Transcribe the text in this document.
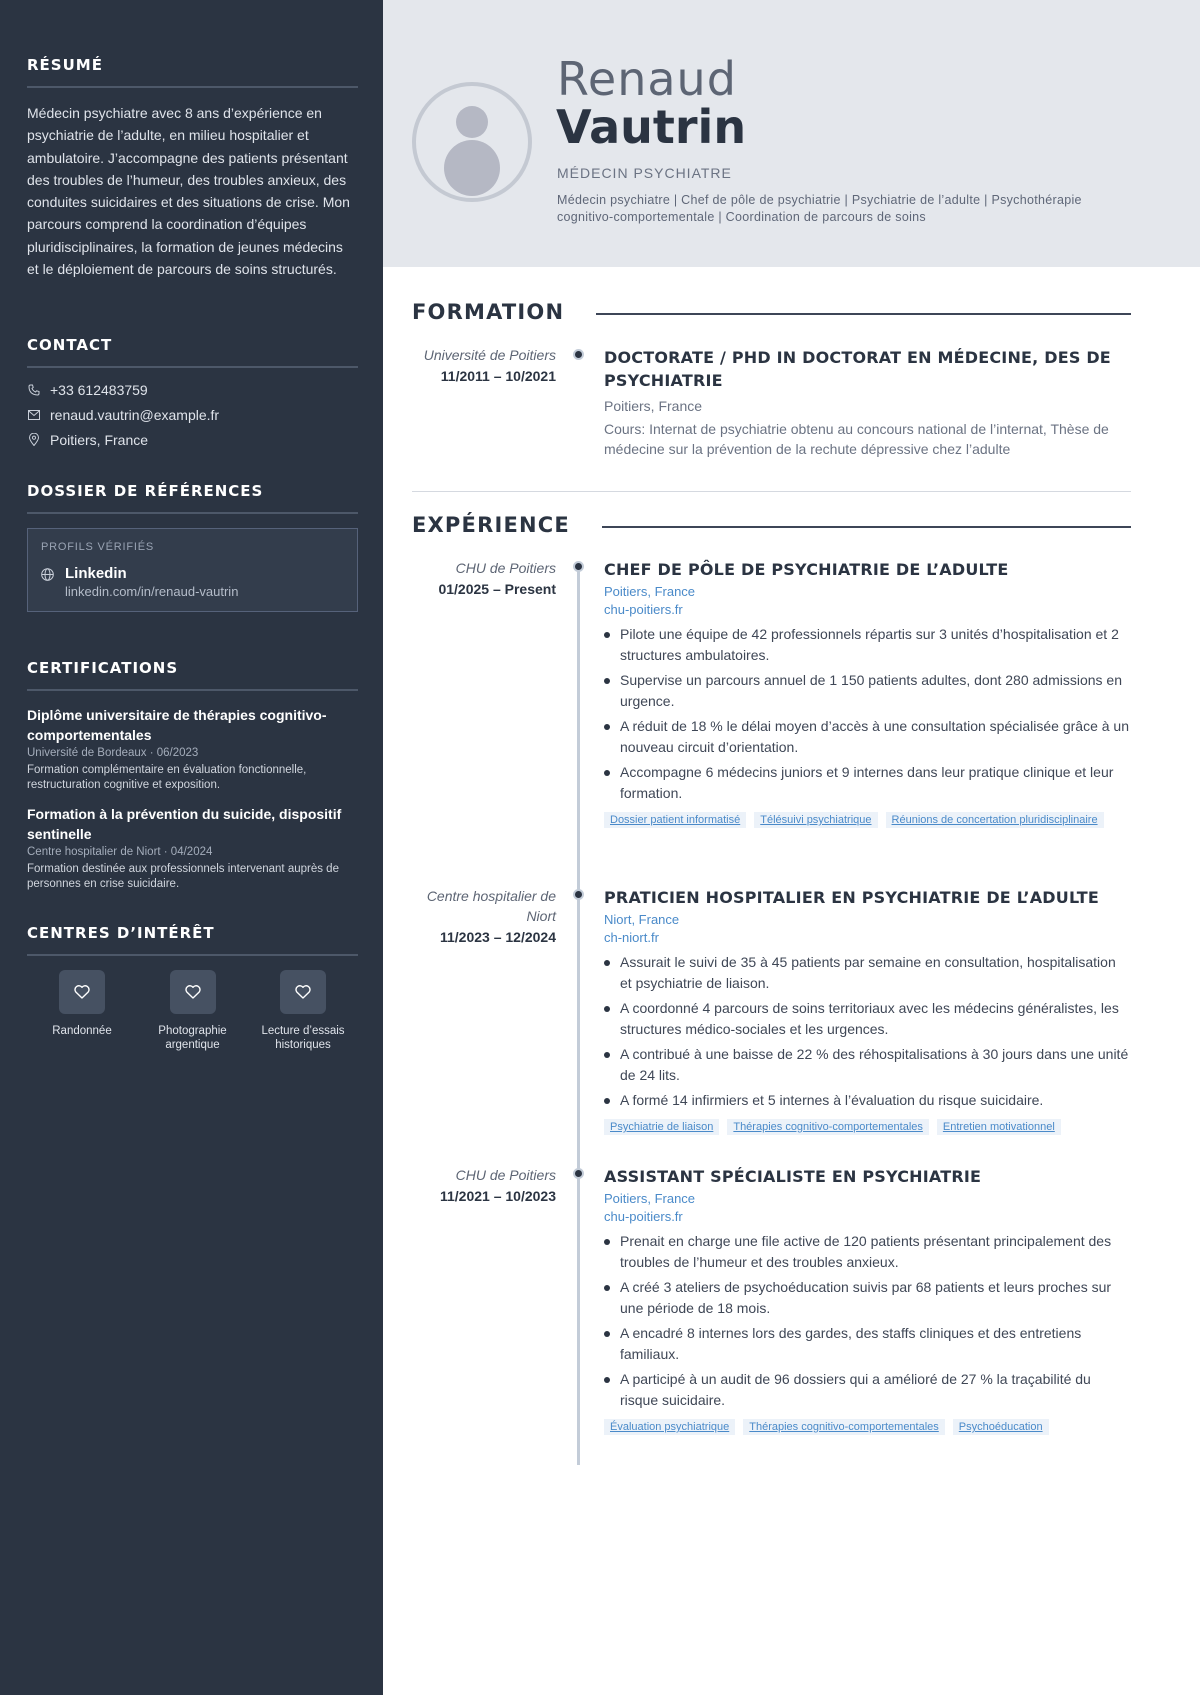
RÉSUMÉ

Médecin psychiatre avec 8 ans d’expérience en psychiatrie de l’adulte, en milieu hospitalier et ambulatoire. J’accompagne des patients présentant des troubles de l’humeur, des troubles anxieux, des conduites suicidaires et des situations de crise. Mon parcours comprend la coordination d’équipes pluridisciplinaires, la formation de jeunes médecins et le déploiement de parcours de soins structurés.

CONTACT
+33 612483759
renaud.vautrin@example.fr
Poitiers, France
DOSSIER DE RÉFÉRENCES
PROFILS VÉRIFIÉS
Linkedin
linkedin.com/in/renaud-vautrin
CERTIFICATIONS
Diplôme universitaire de thérapies cognitivo-comportementales
Université de Bordeaux · 06/2023
Formation complémentaire en évaluation fonctionnelle, restructuration cognitive et exposition.
Formation à la prévention du suicide, dispositif sentinelle
Centre hospitalier de Niort · 04/2024
Formation destinée aux professionnels intervenant auprès de personnes en crise suicidaire.
CENTRES D’INTÉRÊT
Randonnée	Photographie argentique
Lecture d’essais historiques
Renaud
Vautrin
MÉDECIN PSYCHIATRE
Médecin psychiatre | Chef de pôle de psychiatrie | Psychiatrie de l’adulte | Psychothérapie cognitivo-comportementale | Coordination de parcours de soins
FORMATION
Université de Poitiers
11/2011 – 10/2021
DOCTORATE / PHD IN DOCTORAT EN MÉDECINE, DES DE PSYCHIATRIE
Poitiers, France
Cours: Internat de psychiatrie obtenu au concours national de l’internat, Thèse de médecine sur la prévention de la rechute dépressive chez l’adulte
EXPÉRIENCE
CHU de Poitiers
01/2025 – Present
CHEF DE PÔLE DE PSYCHIATRIE DE L’ADULTE
Poitiers, France
chu-poitiers.fr
Pilote une équipe de 42 professionnels répartis sur 3 unités d’hospitalisation et 2 structures ambulatoires.
Supervise un parcours annuel de 1 150 patients adultes, dont 280 admissions en urgence.
A réduit de 18 % le délai moyen d’accès à une consultation spécialisée grâce à un nouveau circuit d’orientation.
Accompagne 6 médecins juniors et 9 internes dans leur pratique clinique et leur formation.
Dossier patient informatisé	Télésuivi psychiatrique	Réunions de concertation pluridisciplinaire
Centre hospitalier de Niort
11/2023 – 12/2024
PRATICIEN HOSPITALIER EN PSYCHIATRIE DE L’ADULTE
Niort, France
ch-niort.fr
Assurait le suivi de 35 à 45 patients par semaine en consultation, hospitalisation et psychiatrie de liaison.
A coordonné 4 parcours de soins territoriaux avec les médecins généralistes, les structures médico-sociales et les urgences.
A contribué à une baisse de 22 % des réhospitalisations à 30 jours dans une unité de 24 lits.
A formé 14 infirmiers et 5 internes à l’évaluation du risque suicidaire.
Psychiatrie de liaison	Thérapies cognitivo-comportementales	Entretien motivationnel
CHU de Poitiers
11/2021 – 10/2023
ASSISTANT SPÉCIALISTE EN PSYCHIATRIE
Poitiers, France
chu-poitiers.fr
Prenait en charge une file active de 120 patients présentant principalement des troubles de l’humeur et des troubles anxieux.
A créé 3 ateliers de psychoéducation suivis par 68 patients et leurs proches sur une période de 18 mois.
A encadré 8 internes lors des gardes, des staffs cliniques et des entretiens familiaux.
A participé à un audit de 96 dossiers qui a amélioré de 27 % la traçabilité du risque suicidaire.
Évaluation psychiatrique	Thérapies cognitivo-comportementales	Psychoéducation
